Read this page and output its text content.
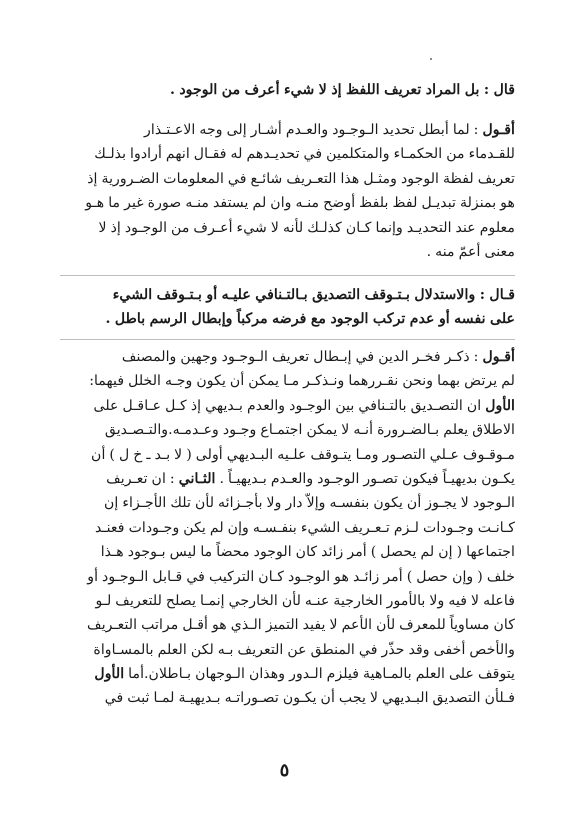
قال : بل المراد تعريف اللفظ إذ لا شيء أعرف من الوجود .
أقـول : لما أبطل تحديد الـوجـود والعـدم أشـار إلى وجه الاعـتـذار
للقـدماء من الحكمـاء والمتكلمين في تحديـدهم له فقـال انهم أرادوا بذلـك
تعريف لفظة الوجود ومثـل هذا التعـريف شائـع في المعلومات الضـرورية إذ
هو بمنزلة تبديـل لفظ بلفظ أوضح منـه وان لم يستفد منـه صورة غير ما هـو
معلوم عند التحديـد وإنما كـان كذلـك لأنه لا شيء أعـرف من الوجـود إذ لا
معنى أعمّ منه .
قـال : والاستدلال بـتـوقف التصديق بـالتـنافي عليـه أو بـتـوقف الشيء
على نفسه أو عدم تركب الوجود مع فرضه مركباً وإبطال الرسم باطل .
أقـول : ذكـر فخـر الدين في إبـطال تعريف الـوجـود وجهين والمصنف
لم يرتض بهما ونحن نقـررهما ونـذكـر مـا يمكن أن يكون وجـه الخلل فيهما:
الأول ان التصـديق بالتـنافي بين الوجـود والعدم بـديهي إذ كـل عـاقـل على
الاطلاق يعلم بـالضـرورة أنـه لا يمكن اجتمـاع وجـود وعـدمـه.والتـصـديق
مـوقـوف عـلي التصـور ومـا يتـوقف علـيه البـديهي أولى ( لا بـد ـ خ ل ) أن
يكـون بديهيـاً فيكون تصـور الوجـود والعـدم بـديهيـاً . الثـاني : ان تعـريف
الـوجود لا يجـوز أن يكون بنفسـه وإلاّ دار ولا بأجـزائه لأن تلك الأجـزاء إن
كـانـت وجـودات لـزم تـعـريف الشيء بنفـسـه وإن لم يكن وجـودات فعنـد
اجتماعها ( إن لم يحصل ) أمر زائد كان الوجود محضاً ما ليس بـوجود هـذا
خلف ( وإن حصل ) أمر زائـد هو الوجـود كـان التركيب في قـابل الـوجـود أو
فاعله لا فيه ولا بالأمور الخارجية عنـه لأن الخارجي إنمـا يصلح للتعريف لـو
كان مساوياً للمعرف لأن الأعم لا يفيد التميز الـذي هو أقـل مراتب التعـريف
والأخص أخفى وقد حذّر في المنطق عن التعريف بـه لكن العلم بالمسـاواة
يتوقف على العلم بالمـاهية فيلزم الـدور وهذان الـوجهان بـاطلان.أما الأول
فـلأن التصديق البـديهي لا يجب أن يكـون تصـوراتـه بـديهيـة لمـا ثبت في
٥
